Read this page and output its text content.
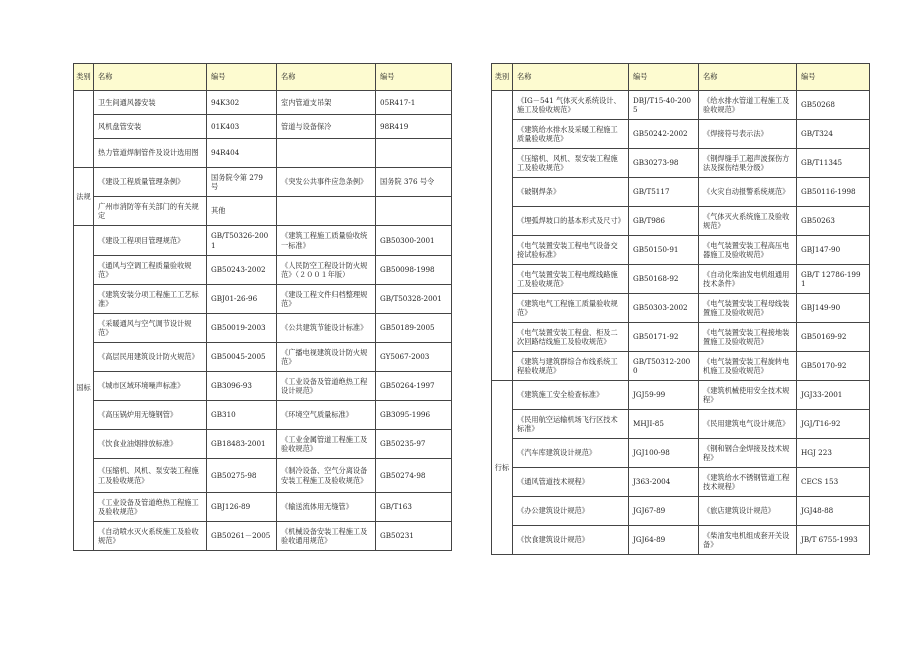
类别	名称	编号	名称	编号
	卫生间通风器安装	94K302	室内管道支吊架	05R417-1
	风机盘管安装	01K403	管道与设备保冷	98R419
	热力管道焊制管件及设计选用图	94R404		
法规	《建设工程质量管理条例》	国务院令第 279 号	《突发公共事件应急条例》	国务院 376 号令
	广州市消防等有关部门的有关规定	其他		
国标	《建设工程项目管理规范》	GB/T50326-2001	《建筑工程施工质量验收统一标准》	GB50300-2001
	《通风与空调工程质量验收规范》	GB50243-2002	《人民防空工程设计防火规范》（２００１年版）	GB50098-1998
	《建筑安装分项工程施工工艺标准》	GBJ01-26-96	《建设工程文件归档整理规范》	GB/T50328-2001
	《采暖通风与空气调节设计规范》	GB50019-2003	《公共建筑节能设计标准》	GB50189-2005
	《高层民用建筑设计防火规范》	GB50045-2005	《广播电视建筑设计防火规范》	GY5067-2003
	《城市区域环境噪声标准》	GB3096-93	《工业设备及管道绝热工程设计规范》	GB50264-1997
	《高压锅炉用无缝钢管》	GB310	《环境空气质量标准》	GB3095-1996
	《饮食业油烟排放标准》	GB18483-2001	《工业金属管道工程施工及验收规范》	GB50235-97
	《压缩机、风机、泵安装工程施工及验收规范》	GB50275-98	《制冷设备、空气分离设备安装工程施工及验收规范》	GB50274-98
	《工业设备及管道绝热工程施工及验收规范》	GBJ126-89	《输送流体用无缝管》	GB/T163
	《自动喷水灭火系统施工及验收规范》	GB50261－2005	《机械设备安装工程施工及验收通用规范》	GB50231
类别	名称	编号	名称	编号
	《IG－541 气体灭火系统设计、施工及验收规范》	DBJ/T15-40-2005	《给水排水管道工程施工及验收规范》	GB50268
	《建筑给水排水及采暖工程施工质量验收规范》	GB50242-2002	《焊接符号表示法》	GB/T324
	《压缩机、风机、泵安装工程施工及验收规范》	GB30273-98	《钢焊缝手工超声波探伤方法及探伤结果分级》	GB/T11345
	《破钢焊条》	GB/T5117	《火灾自动报警系统规范》	GB50116-1998
	《埋弧焊坡口的基本形式及尺寸》	GB/T986	《气体灭火系统施工及验收规范》	GB50263
	《电气装置安装工程电气设备交接试验标准》	GB50150-91	《电气装置安装工程高压电器施工及验收规范》	GBJ147-90
	《电气装置安装工程电缆线路施工及验收规范》	GB50168-92	《自动化柴油发电机组通用技术条件》	GB/T 12786-1991
	《建筑电气工程施工质量验收规范》	GB50303-2002	《电气装置安装工程母线装置施工及验收规范》	GBJ149-90
	《电气装置安装工程盘、柜及二次回路结线施工及验收规范》	GB50171-92	《电气装置安装工程接地装置施工及验收规范》	GB50169-92
	《建筑与建筑群综合布线系统工程验收规范》	GB/T50312-2000	《电气装置安装工程旋转电机施工及验收规范》	GB50170-92
行标	《建筑施工安全检查标准》	JGJ59-99	《建筑机械使用安全技术规程》	JGJ33-2001
	《民用航空运输机场飞行区技术标准》	MHJI-85	《民用建筑电气设计规范》	JGJ/T16-92
	《汽车库建筑设计规范》	JGJ100-98	《钢和钢合金焊接及技术规程》	HGJ 223
	《通风管道技术规程》	J363-2004	《建筑给水不锈钢管道工程技术规程》	CECS 153
	《办公建筑设计规范》	JGJ67-89	《旅店建筑设计规范》	JGJ48-88
	《饮食建筑设计规范》	JGJ64-89	《柴油发电机组成套开关设备》	JB/T 6755-1993
